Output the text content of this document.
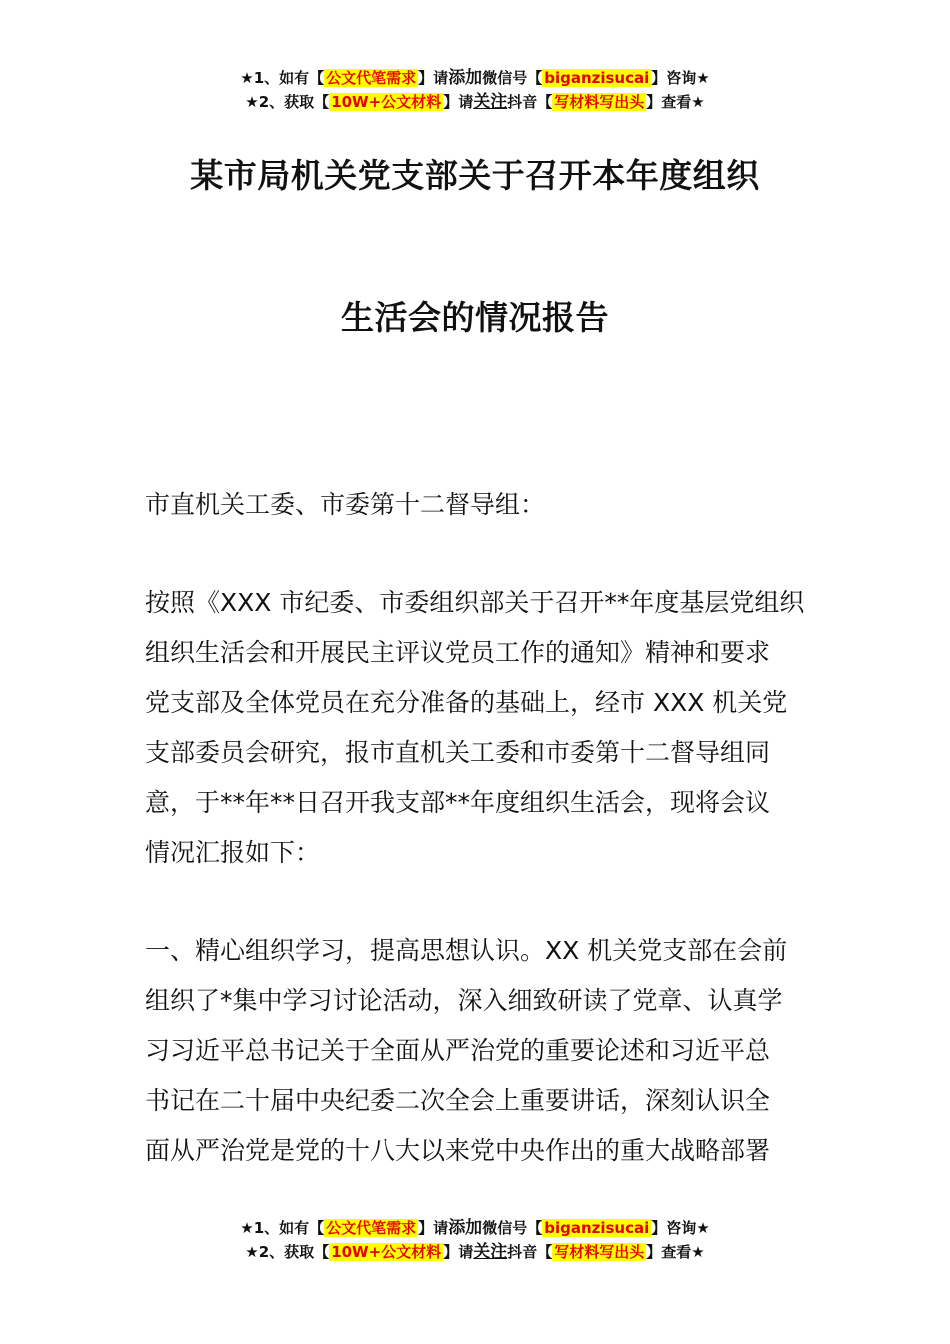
★1、如有【 公文代笔需求 】请添加微信号【 biganzisucai 】咨询★
★2、获取【 10W+公文材料 】请关注抖音【 写材料写出头 】查看★
某市局机关党支部关于召开本年度组织
生活会的情况报告
市直机关工委、市委第十二督导组：
按照《XXX 市纪委、市委组织部关于召开**年度基层党组织
组织生活会和开展民主评议党员工作的通知》精神和要求
党支部及全体党员在充分准备的基础上，经市 XXX 机关党
支部委员会研究，报市直机关工委和市委第十二督导组同
意，于**年**日召开我支部**年度组织生活会，现将会议
情况汇报如下：
一、精心组织学习，提高思想认识。XX 机关党支部在会前
组织了*集中学习讨论活动，深入细致研读了党章、认真学
习习近平总书记关于全面从严治党的重要论述和习近平总
书记在二十届中央纪委二次全会上重要讲话，深刻认识全
面从严治党是党的十八大以来党中央作出的重大战略部署
★1、如有【 公文代笔需求 】请添加微信号【 biganzisucai 】咨询★
★2、获取【 10W+公文材料 】请关注抖音【 写材料写出头 】查看★
